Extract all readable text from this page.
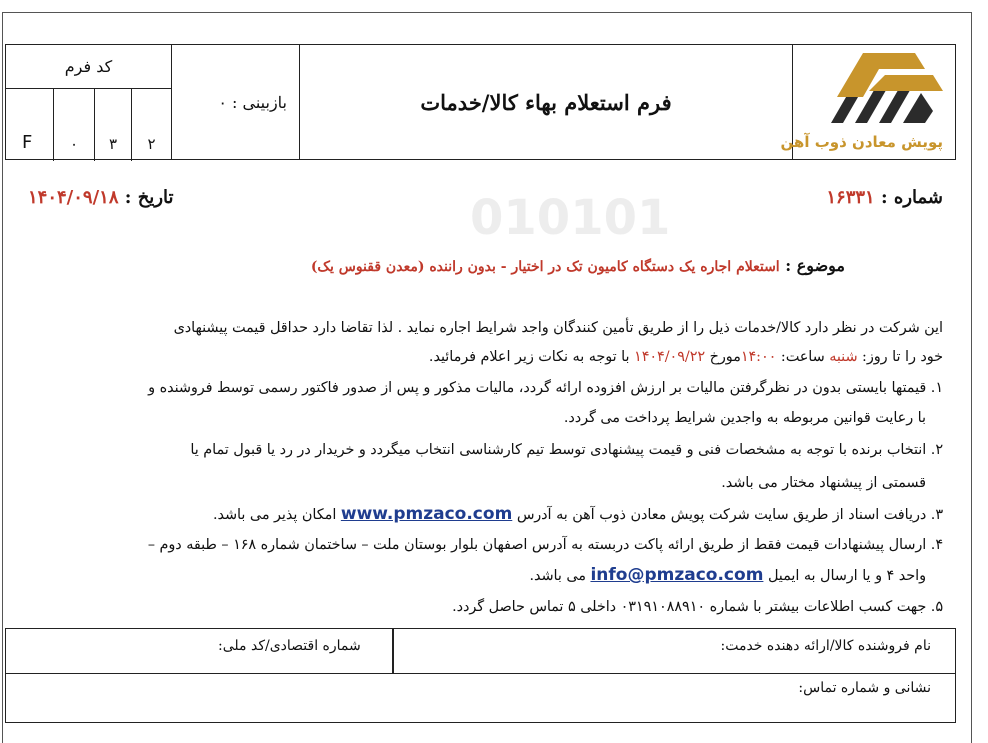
010101
پویش معادن ذوب آهن
فرم استعلام بهاء کالا/خدمات
بازبینی : ۰
کد فرم
F	۰	۳	۲
شماره : ۱۶۳۳۱
تاریخ : ۱۴۰۴/۰۹/۱۸
موضوع : استعلام اجاره یک دستگاه کامیون تک در اختیار - بدون راننده (معدن ققنوس یک)
این شرکت در نظر دارد کالا/خدمات ذیل را از طریق تأمین کنندگان واجد شرایط اجاره نماید . لذا تقاضا دارد حداقل قیمت پیشنهادی
خود را تا روز: شنبه ساعت: ۱۴:۰۰مورخ ۱۴۰۴/۰۹/۲۲ با توجه به نکات زیر اعلام فرمائید.
۱. قیمتها بایستی بدون در نظرگرفتن مالیات بر ارزش افزوده ارائه گردد، مالیات مذکور و پس از صدور فاکتور رسمی توسط فروشنده و
با رعایت قوانین مربوطه به واجدین شرایط پرداخت می گردد.
۲. انتخاب برنده با توجه به مشخصات فنی و قیمت پیشنهادی توسط تیم کارشناسی انتخاب میگردد و خریدار در رد یا قبول تمام یا
قسمتی از پیشنهاد مختار می باشد.
۳. دریافت اسناد از طریق سایت شرکت پویش معادن ذوب آهن به آدرس www.pmzaco.com امکان پذیر می باشد.
۴. ارسال پیشنهادات قیمت فقط از طریق ارائه پاکت دربسته به آدرس اصفهان بلوار بوستان ملت – ساختمان شماره ۱۶۸ – طبقه دوم –
واحد ۴ و یا ارسال به ایمیل info@pmzaco.com می باشد.
۵. جهت کسب اطلاعات بیشتر با شماره ۰۳۱۹۱۰۸۸۹۱۰ داخلی ۵ تماس حاصل گردد.
نام فروشنده کالا/ارائه دهنده خدمت:
شماره اقتصادی/کد ملی:
نشانی و شماره تماس:
